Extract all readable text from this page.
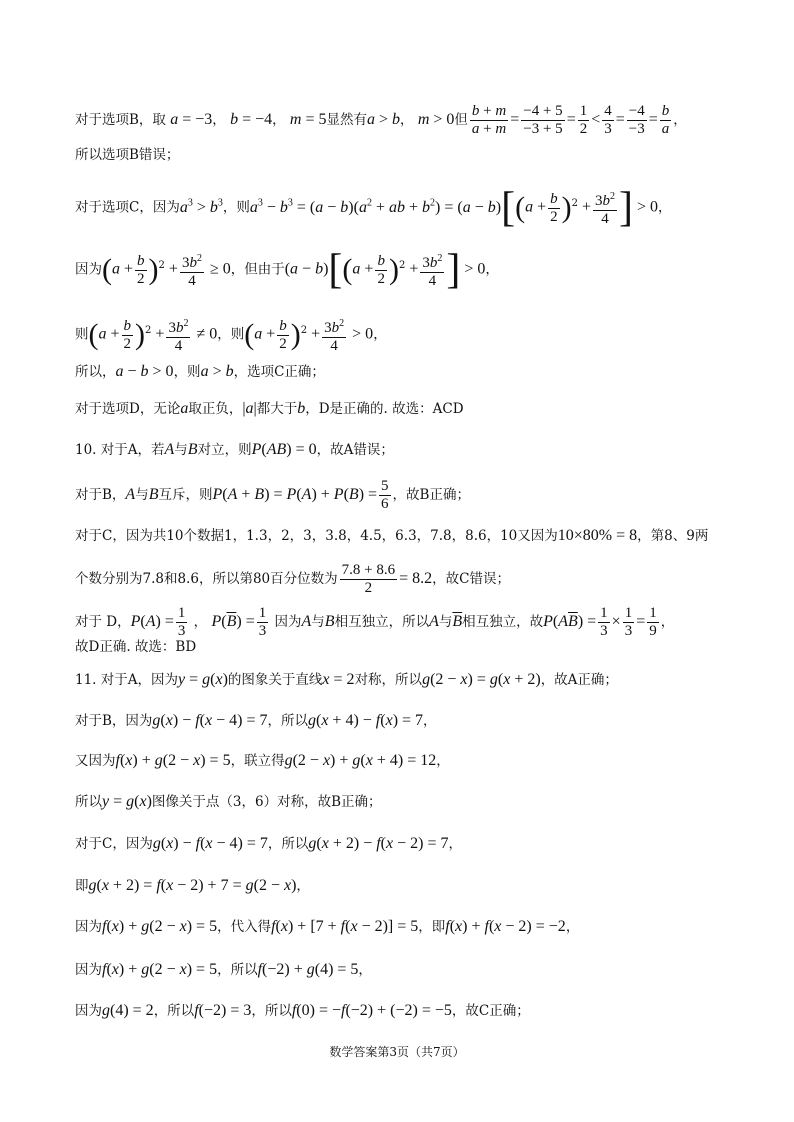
对于选项B，取 a = −3， b = −4， m = 5显然有a > b， m > 0但 $\frac{b + m}{a + m} = \frac{-4 + 5}{-3 + 5} = \frac{1}{2} < \frac{4}{3} = \frac{-4}{-3} = \frac{b}{a}$ ，
所以选项B错误；
对于选项C，因为$a^3 > b^3$，则$a^3 - b^3 = (a - b)(a^2$ + ab + $b^2) = (a - b)[(a + \frac{b}{2} )^2 + \frac{3b^2}{4}$ ] > 0，
因为$(a + \frac{b}{2} )^2 + \frac{3b^2}{4} \ge 0$，但由于$(a - b)[(a + \frac{b}{2} )^2 + \frac{3b^2}{4}$ ] > 0，
则$(a + \frac{b}{2} )^2 + \frac{3b^2}{4} \ne 0$，则$(a + \frac{b}{2} )^2 + \frac{3b^2}{4} > 0$，
所以，a − b > 0，则a > b，选项C正确；
对于选项D，无论a取正负，|a|都大于b，D是正确的. 故选：ACD
10. 对于A，若A与B对立，则P(AB) = 0，故A错误；
对于B，A与B互斥，则$P(A + B) = P(A) + P(B) = \frac{5}{6}$ ，故B正确；
对于C，因为共10个数据1，1.3，2，3，3.8，4.5，6.3，7.8，8.6，10又因为10×80% = 8，第8、9两
个数分别为7.8和8.6，所以第80百分位数为 $\frac{7.8 + 8.6}{2} = 8.2$，故C错误；
对于 D，$P(A) = \frac{1}{3}$ ， $P(\overline{B}) = \frac{1}{3}$ 因为A与B相互独立，所以A与$\overline{B}$相互独立，故$P(A\overline{B}) = \frac{1}{3} \times \frac{1}{3} = \frac{1}{9}$ ，
故D正确. 故选：BD
11. 对于A，因为y = g(x)的图象关于直线x = 2对称，所以g(2 − x) = g(x + 2)，故A正确；
对于B，因为g(x) − f(x − 4) = 7，所以g(x + 4) − f(x) = 7，
又因为f(x) + g(2 − x) = 5，联立得g(2 − x) + g(x + 4) = 12，
所以y = g(x)图像关于点（3，6）对称，故B正确；
对于C，因为g(x) − f(x − 4) = 7，所以g(x + 2) − f(x − 2) = 7，
即g(x + 2) = f(x − 2) + 7 = g(2 − x)，
因为f(x) + g(2 − x) = 5，代入得f(x) + [7 + f(x − 2)] = 5，即f(x) + f(x − 2) = −2，
因为f(x) + g(2 − x) = 5，所以f(−2) + g(4) = 5，
因为g(4) = 2，所以f(−2) = 3，所以f(0) = −f(−2) + (−2) = −5，故C正确；
数学答案第3页（共7页）
